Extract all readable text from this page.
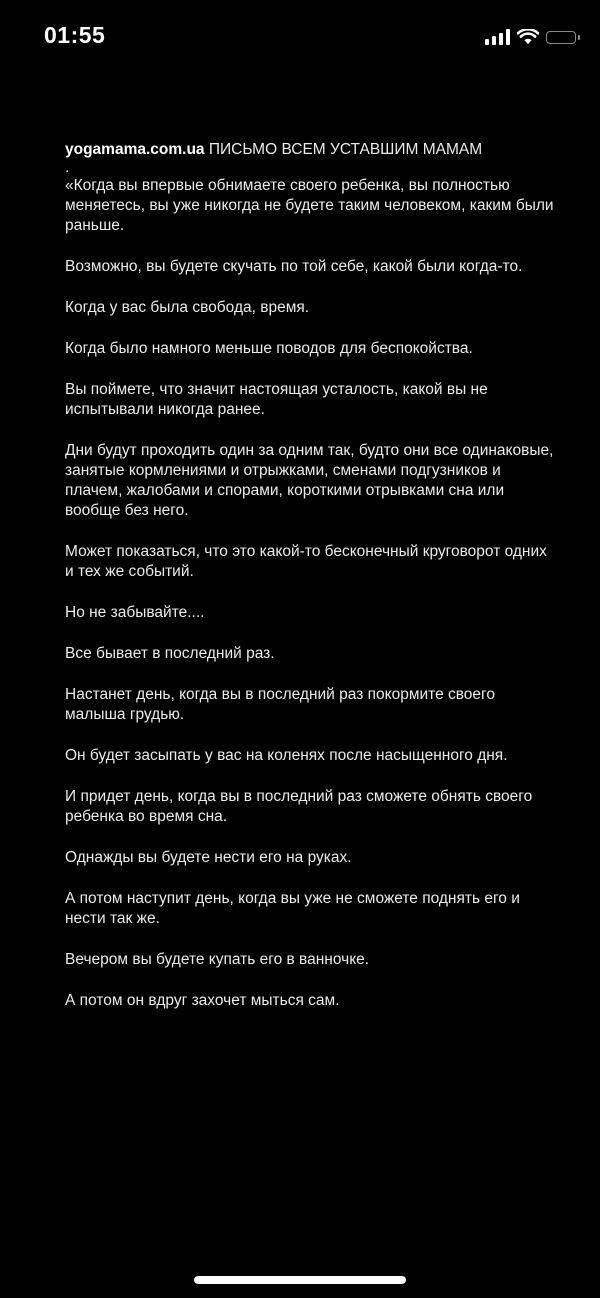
01:55

yogamama.com.ua ПИСЬМО ВСЕМ УСТАВШИМ МАМАМ

.

«Когда вы впервые обнимаете своего ребенка, вы полностью меняетесь, вы уже никогда не будете таким человеком, каким были раньше.

Возможно, вы будете скучать по той себе, какой были когда-то.

Когда у вас была свобода, время.

Когда было намного меньше поводов для беспокойства.

Вы поймете, что значит настоящая усталость, какой вы не испытывали никогда ранее.

Дни будут проходить один за одним так, будто они все одинаковые, занятые кормлениями и отрыжками, сменами подгузников и плачем, жалобами и спорами, короткими отрывками сна или вообще без него.

Может показаться, что это какой-то бесконечный круговорот одних и тех же событий.

Но не забывайте....

Все бывает в последний раз.

Настанет день, когда вы в последний раз покормите своего малыша грудью.

Он будет засыпать у вас на коленях после насыщенного дня.

И придет день, когда вы в последний раз сможете обнять своего ребенка во время сна.

Однажды вы будете нести его на руках.

А потом наступит день, когда вы уже не сможете поднять его и нести так же.

Вечером вы будете купать его в ванночке.

А потом он вдруг захочет мыться сам.
